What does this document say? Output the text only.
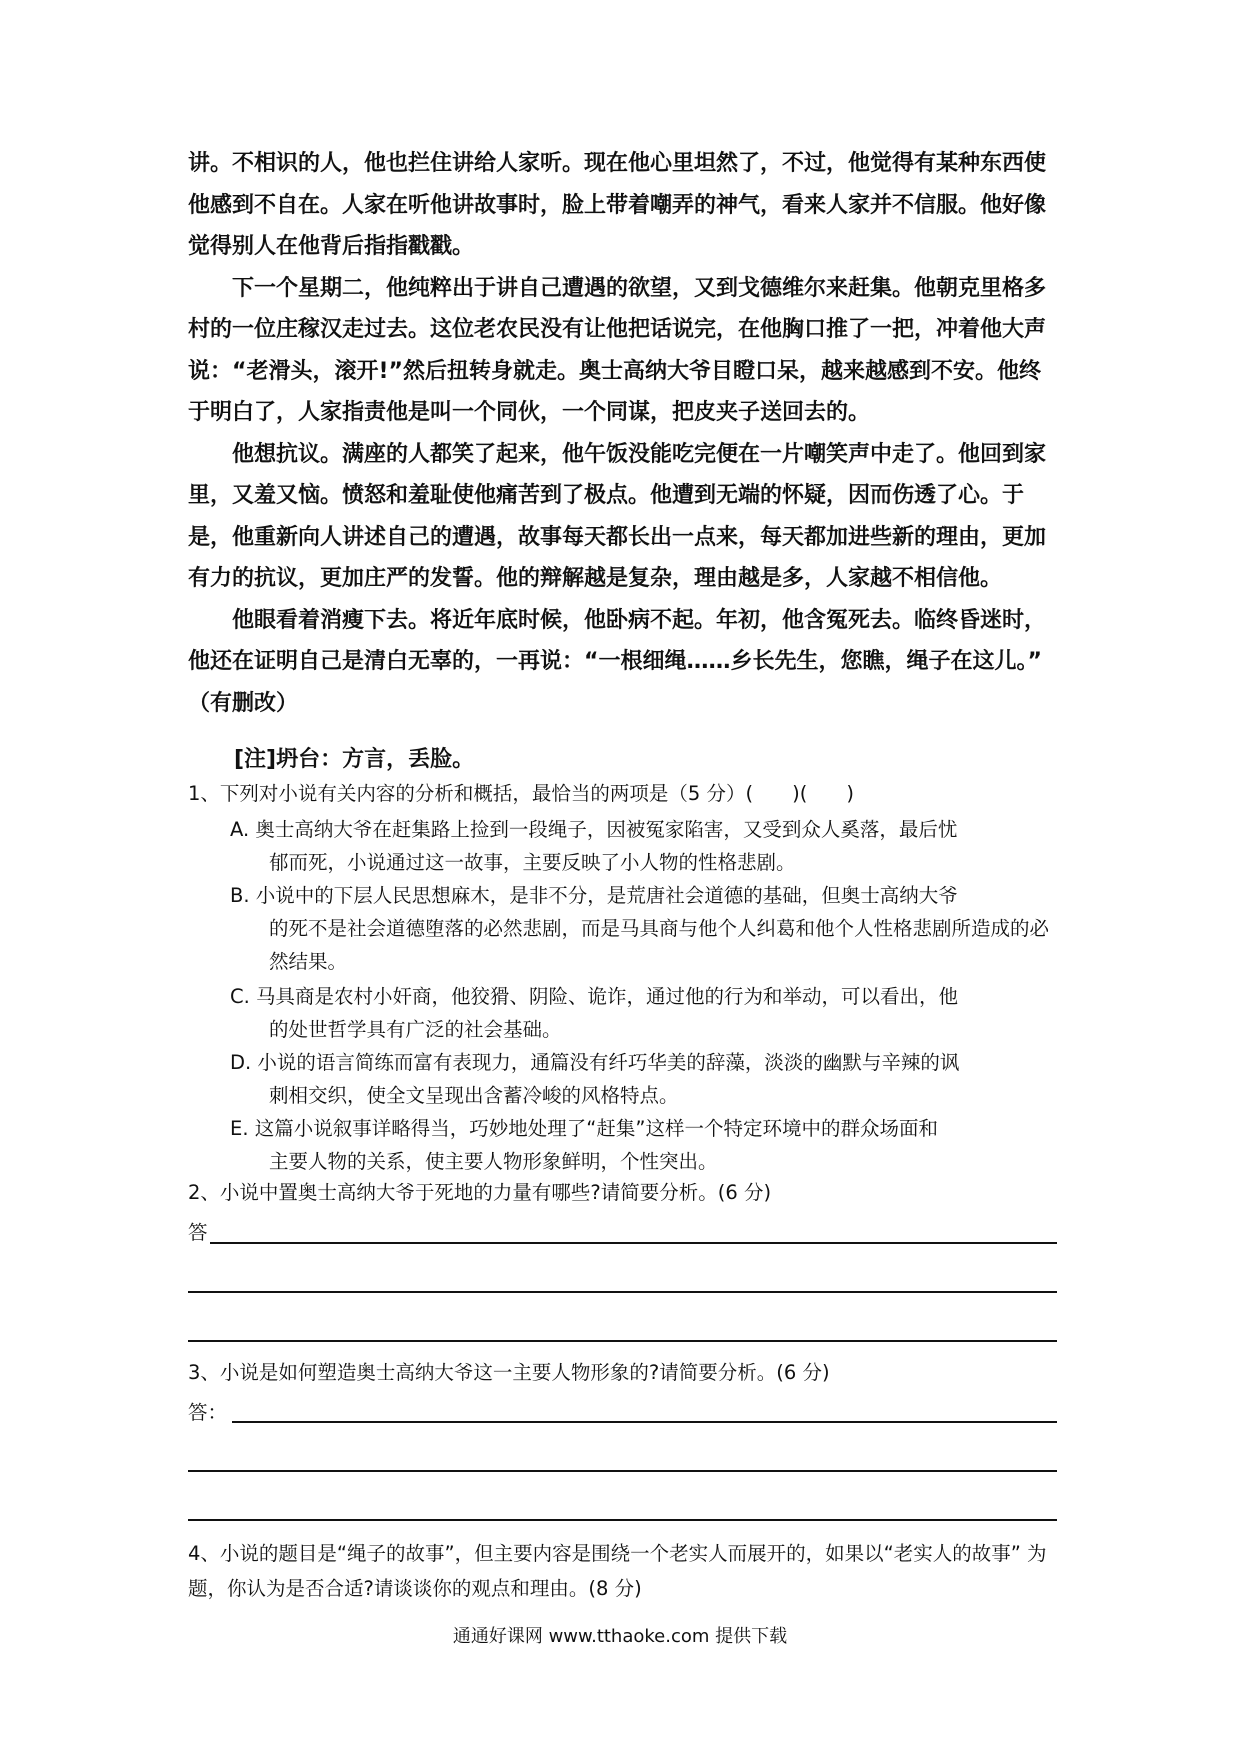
讲。不相识的人，他也拦住讲给人家听。现在他心里坦然了，不过，他觉得有某种东西使他感到不自在。人家在听他讲故事时，脸上带着嘲弄的神气，看来人家并不信服。他好像觉得别人在他背后指指戳戳。

下一个星期二，他纯粹出于讲自己遭遇的欲望，又到戈德维尔来赶集。他朝克里格多村的一位庄稼汉走过去。这位老农民没有让他把话说完，在他胸口推了一把，冲着他大声说：“老滑头，滚开!”然后扭转身就走。奥士高纳大爷目瞪口呆，越来越感到不安。他终于明白了，人家指责他是叫一个同伙，一个同谋，把皮夹子送回去的。

他想抗议。满座的人都笑了起来，他午饭没能吃完便在一片嘲笑声中走了。他回到家里，又羞又恼。愤怒和羞耻使他痛苦到了极点。他遭到无端的怀疑，因而伤透了心。于是，他重新向人讲述自己的遭遇，故事每天都长出一点来，每天都加进些新的理由，更加有力的抗议，更加庄严的发誓。他的辩解越是复杂，理由越是多，人家越不相信他。

他眼看着消瘦下去。将近年底时候，他卧病不起。年初，他含冤死去。临终昏迷时，他还在证明自己是清白无辜的，一再说：“一根细绳……乡长先生，您瞧，绳子在这儿。”　（有删改）

[注]坍台：方言，丢脸。
1、下列对小说有关内容的分析和概括，最恰当的两项是（5 分）(　　)(　　)
A. 奥士高纳大爷在赶集路上捡到一段绳子，因被冤家陷害，又受到众人奚落，最后忧
郁而死，小说通过这一故事，主要反映了小人物的性格悲剧。
B. 小说中的下层人民思想麻木，是非不分，是荒唐社会道德的基础，但奥士高纳大爷
的死不是社会道德堕落的必然悲剧，而是马具商与他个人纠葛和他个人性格悲剧所造成的必然结果。
C. 马具商是农村小奸商，他狡猾、阴险、诡诈，通过他的行为和举动，可以看出，他
的处世哲学具有广泛的社会基础。
D. 小说的语言简练而富有表现力，通篇没有纤巧华美的辞藻，淡淡的幽默与辛辣的讽
刺相交织，使全文呈现出含蓄冷峻的风格特点。
E. 这篇小说叙事详略得当，巧妙地处理了“赶集”这样一个特定环境中的群众场面和
主要人物的关系，使主要人物形象鲜明，个性突出。
2、小说中置奥士高纳大爷于死地的力量有哪些?请简要分析。(6 分)
答
3、小说是如何塑造奥士高纳大爷这一主要人物形象的?请简要分析。(6 分)
答：
4、小说的题目是“绳子的故事”，但主要内容是围绕一个老实人而展开的，如果以“老实人的故事” 为题，你认为是否合适?请谈谈你的观点和理由。(8 分)
通通好课网 www.tthaoke.com 提供下载
